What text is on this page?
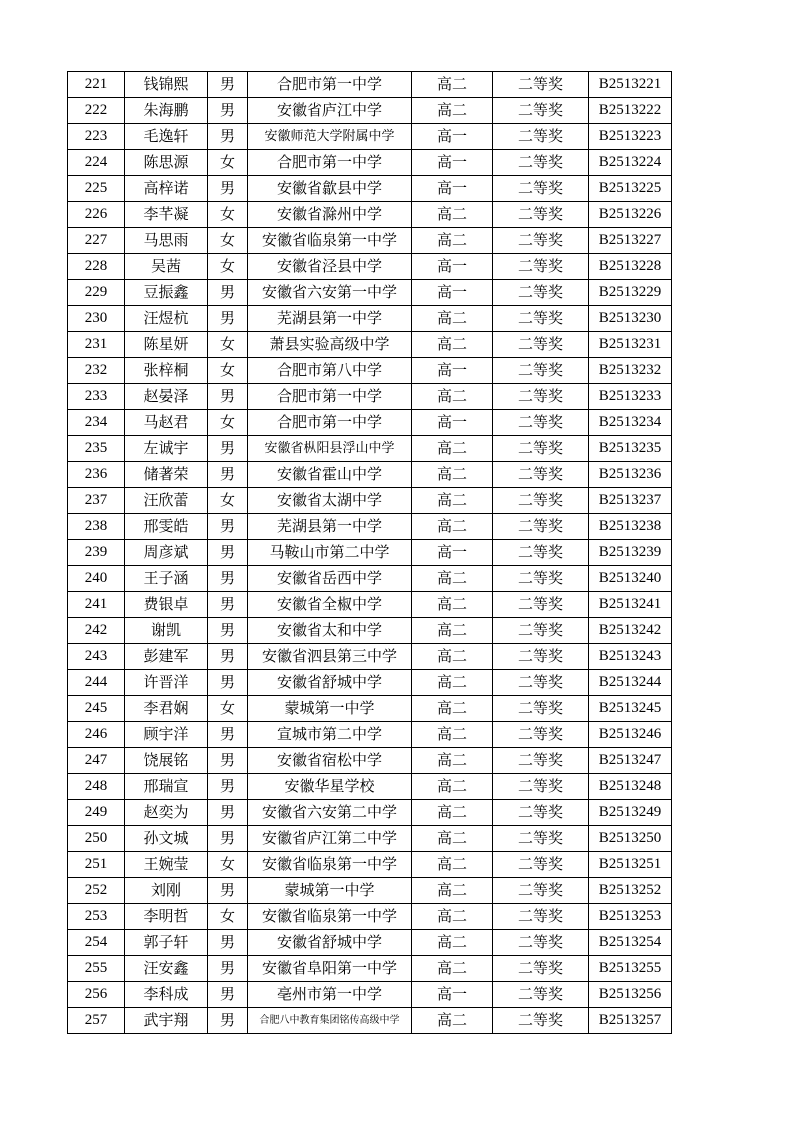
221	钱锦熙	男	合肥市第一中学	高二	二等奖	B2513221
222	朱海鹏	男	安徽省庐江中学	高二	二等奖	B2513222
223	毛逸轩	男	安徽师范大学附属中学	高一	二等奖	B2513223
224	陈思源	女	合肥市第一中学	高一	二等奖	B2513224
225	高梓诺	男	安徽省歙县中学	高一	二等奖	B2513225
226	李芊凝	女	安徽省滁州中学	高二	二等奖	B2513226
227	马思雨	女	安徽省临泉第一中学	高二	二等奖	B2513227
228	吴茜	女	安徽省泾县中学	高一	二等奖	B2513228
229	豆振鑫	男	安徽省六安第一中学	高一	二等奖	B2513229
230	汪煜杭	男	芜湖县第一中学	高二	二等奖	B2513230
231	陈星妍	女	萧县实验高级中学	高二	二等奖	B2513231
232	张梓桐	女	合肥市第八中学	高一	二等奖	B2513232
233	赵晏泽	男	合肥市第一中学	高二	二等奖	B2513233
234	马赵君	女	合肥市第一中学	高一	二等奖	B2513234
235	左诚宇	男	安徽省枞阳县浮山中学	高二	二等奖	B2513235
236	储著荣	男	安徽省霍山中学	高二	二等奖	B2513236
237	汪欣蕾	女	安徽省太湖中学	高二	二等奖	B2513237
238	邢雯皓	男	芜湖县第一中学	高二	二等奖	B2513238
239	周彦斌	男	马鞍山市第二中学	高一	二等奖	B2513239
240	王子涵	男	安徽省岳西中学	高二	二等奖	B2513240
241	费银卓	男	安徽省全椒中学	高二	二等奖	B2513241
242	谢凯	男	安徽省太和中学	高二	二等奖	B2513242
243	彭建军	男	安徽省泗县第三中学	高二	二等奖	B2513243
244	许晋洋	男	安徽省舒城中学	高二	二等奖	B2513244
245	李君娴	女	蒙城第一中学	高二	二等奖	B2513245
246	顾宇洋	男	宣城市第二中学	高二	二等奖	B2513246
247	饶展铭	男	安徽省宿松中学	高二	二等奖	B2513247
248	邢瑞宣	男	安徽华星学校	高二	二等奖	B2513248
249	赵奕为	男	安徽省六安第二中学	高二	二等奖	B2513249
250	孙文城	男	安徽省庐江第二中学	高二	二等奖	B2513250
251	王婉莹	女	安徽省临泉第一中学	高二	二等奖	B2513251
252	刘刚	男	蒙城第一中学	高二	二等奖	B2513252
253	李明哲	女	安徽省临泉第一中学	高二	二等奖	B2513253
254	郭子轩	男	安徽省舒城中学	高二	二等奖	B2513254
255	汪安鑫	男	安徽省阜阳第一中学	高二	二等奖	B2513255
256	李科成	男	亳州市第一中学	高一	二等奖	B2513256
257	武宇翔	男	合肥八中教育集团铭传高级中学	高二	二等奖	B2513257
